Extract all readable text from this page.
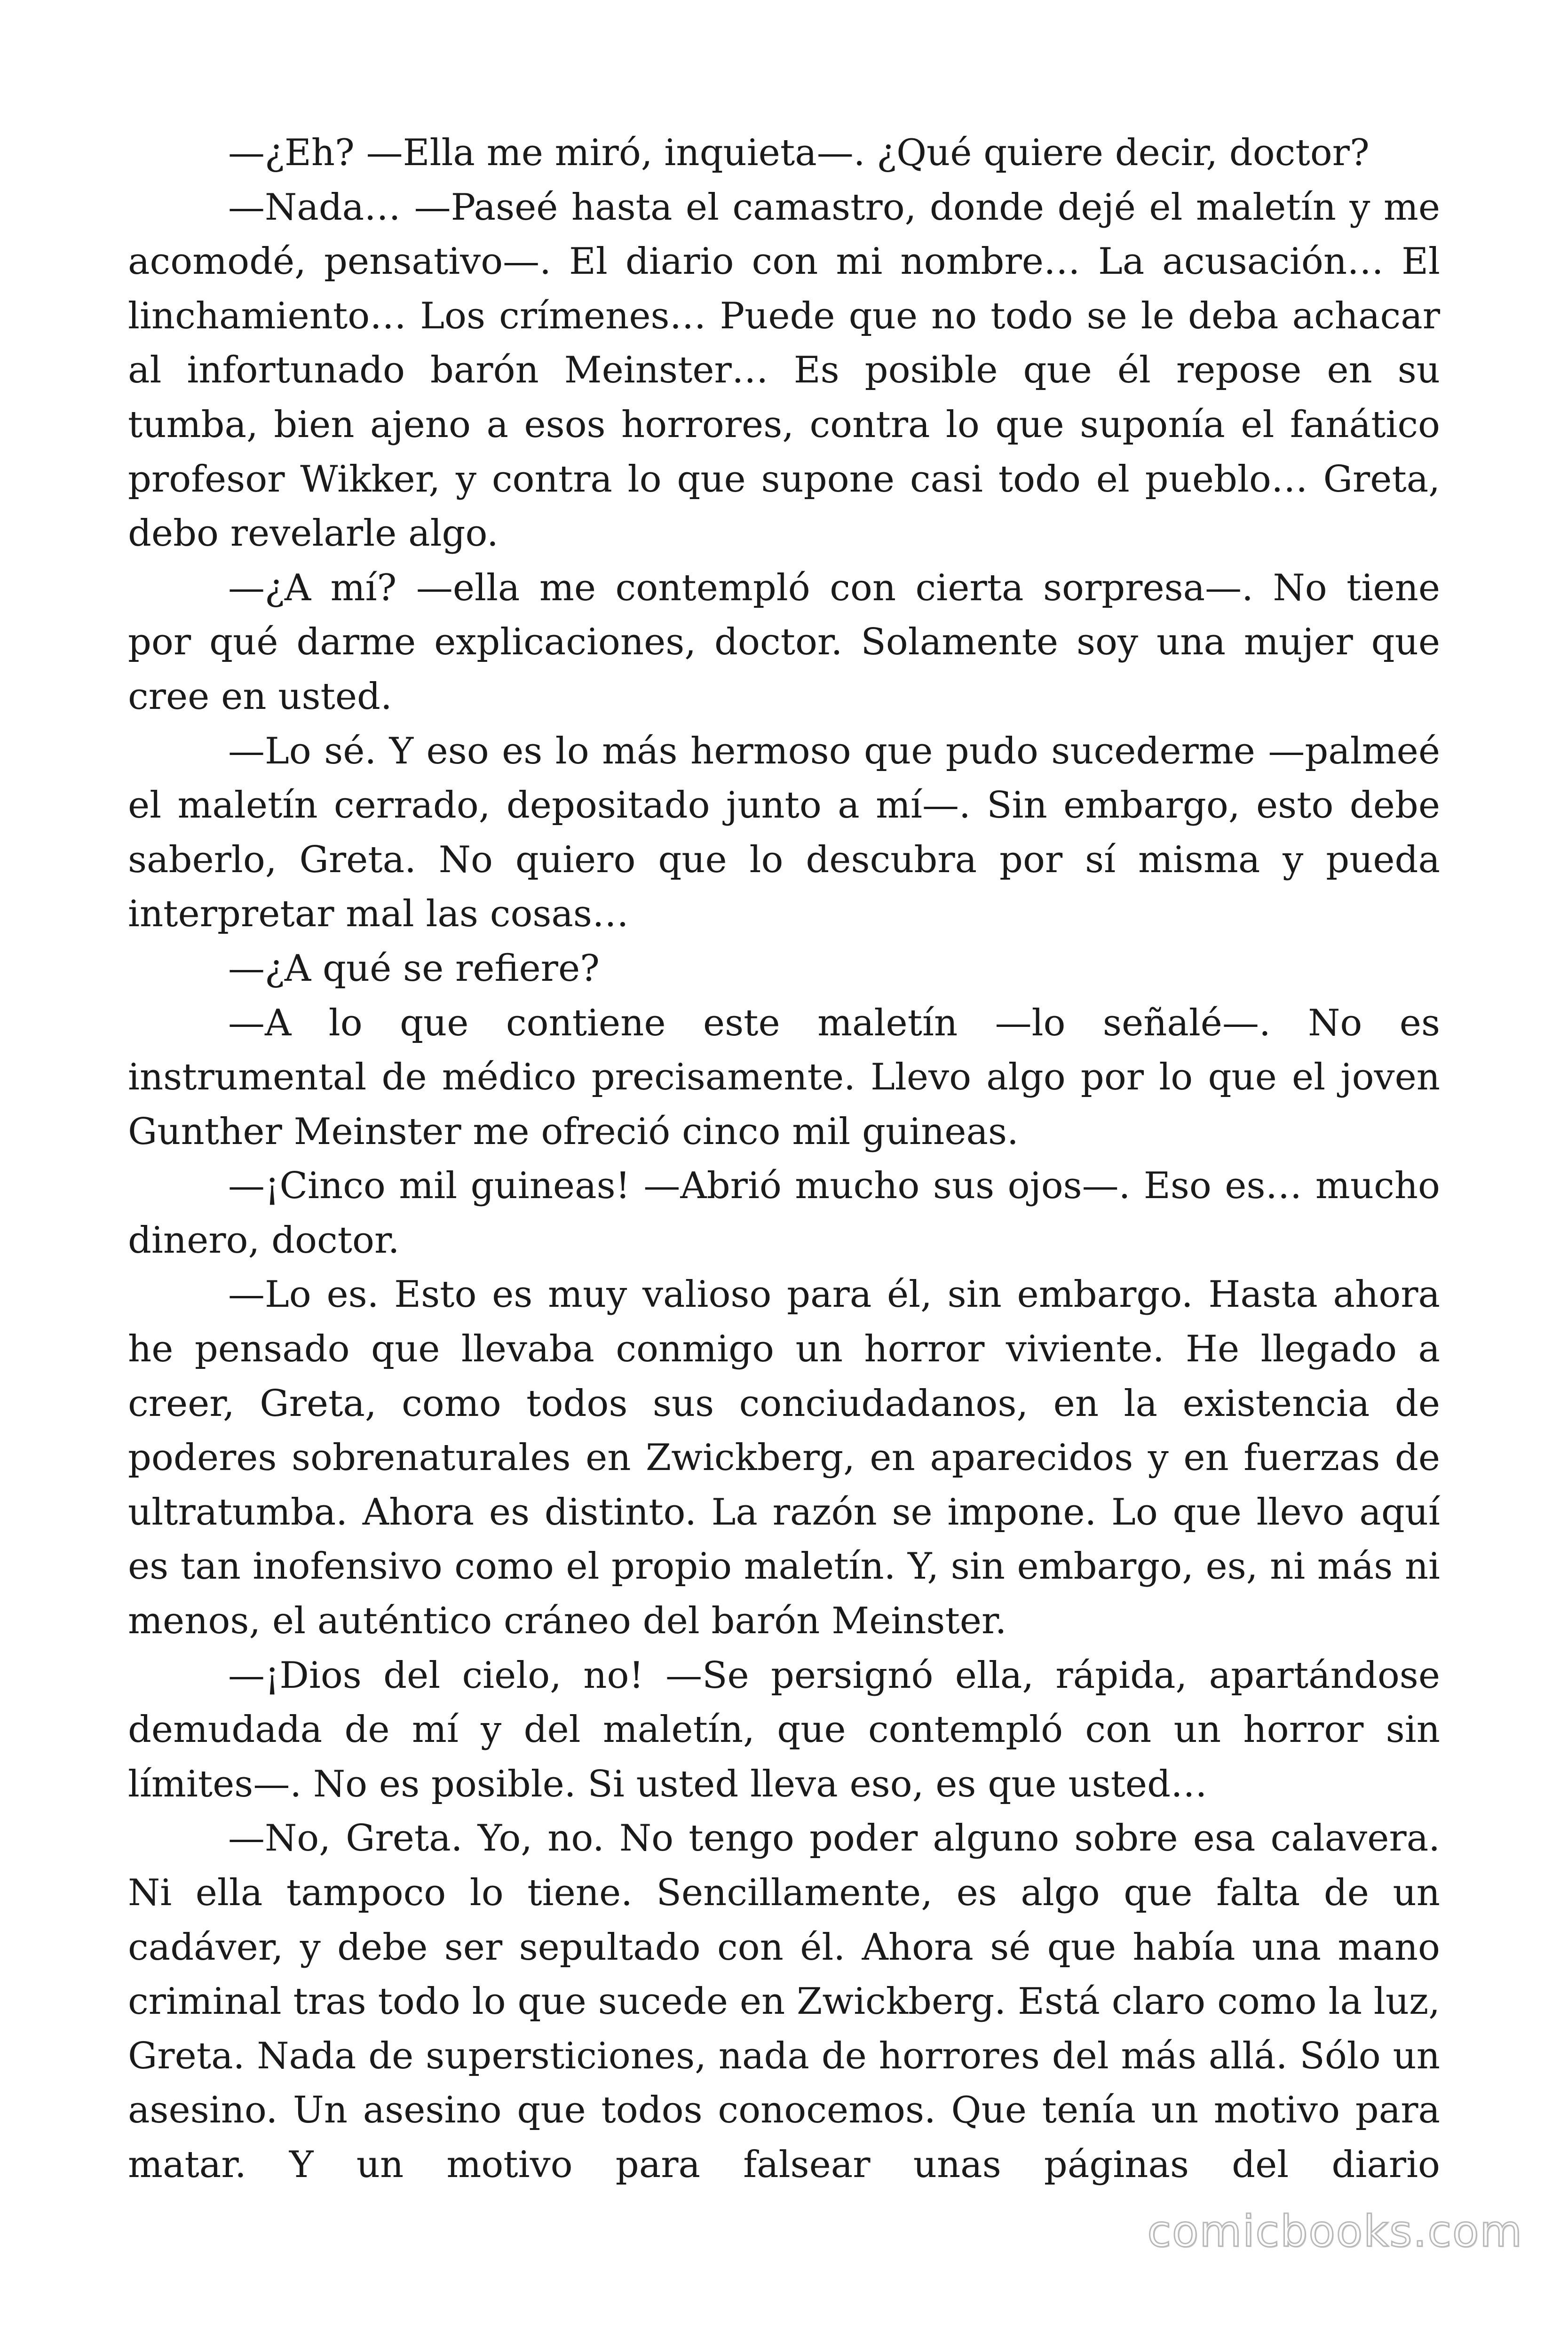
—¿Eh? —Ella me miró, inquieta—. ¿Qué quiere decir, doctor?

—Nada… —Paseé hasta el camastro, donde dejé el maletín y me acomodé, pensativo—. El diario con mi nombre… La acusación… El linchamiento… Los crímenes… Puede que no todo se le deba achacar al infortunado barón Meinster… Es posible que él repose en su tumba, bien ajeno a esos horrores, contra lo que suponía el fanático profesor Wikker, y contra lo que supone casi todo el pueblo… Greta, debo revelarle algo.

—¿A mí? —ella me contempló con cierta sorpresa—. No tiene por qué darme explicaciones, doctor. Solamente soy una mujer que cree en usted.

—Lo sé. Y eso es lo más hermoso que pudo sucederme —palmeé el maletín cerrado, depositado junto a mí—. Sin embargo, esto debe saberlo, Greta. No quiero que lo descubra por sí misma y pueda interpretar mal las cosas…

—¿A qué se refiere?

—A lo que contiene este maletín —lo señalé—. No es instrumental de médico precisamente. Llevo algo por lo que el joven Gunther Meinster me ofreció cinco mil guineas.

—¡Cinco mil guineas! —Abrió mucho sus ojos—. Eso es… mucho dinero, doctor.

—Lo es. Esto es muy valioso para él, sin embargo. Hasta ahora he pensado que llevaba conmigo un horror viviente. He llegado a creer, Greta, como todos sus conciudadanos, en la existencia de poderes sobrenaturales en Zwickberg, en aparecidos y en fuerzas de ultratumba. Ahora es distinto. La razón se impone. Lo que llevo aquí es tan inofensivo como el propio maletín. Y, sin embargo, es, ni más ni menos, el auténtico cráneo del barón Meinster.

—¡Dios del cielo, no! —Se persignó ella, rápida, apartándose demudada de mí y del maletín, que contempló con un horror sin límites—. No es posible. Si usted lleva eso, es que usted…

—No, Greta. Yo, no. No tengo poder alguno sobre esa calavera. Ni ella tampoco lo tiene. Sencillamente, es algo que falta de un cadáver, y debe ser sepultado con él. Ahora sé que había una mano criminal tras todo lo que sucede en Zwickberg. Está claro como la luz, Greta. Nada de supersticiones, nada de horrores del más allá. Sólo un asesino. Un asesino que todos conocemos. Que tenía un motivo para matar. Y un motivo para falsear unas páginas del diario

comicbooks.com
